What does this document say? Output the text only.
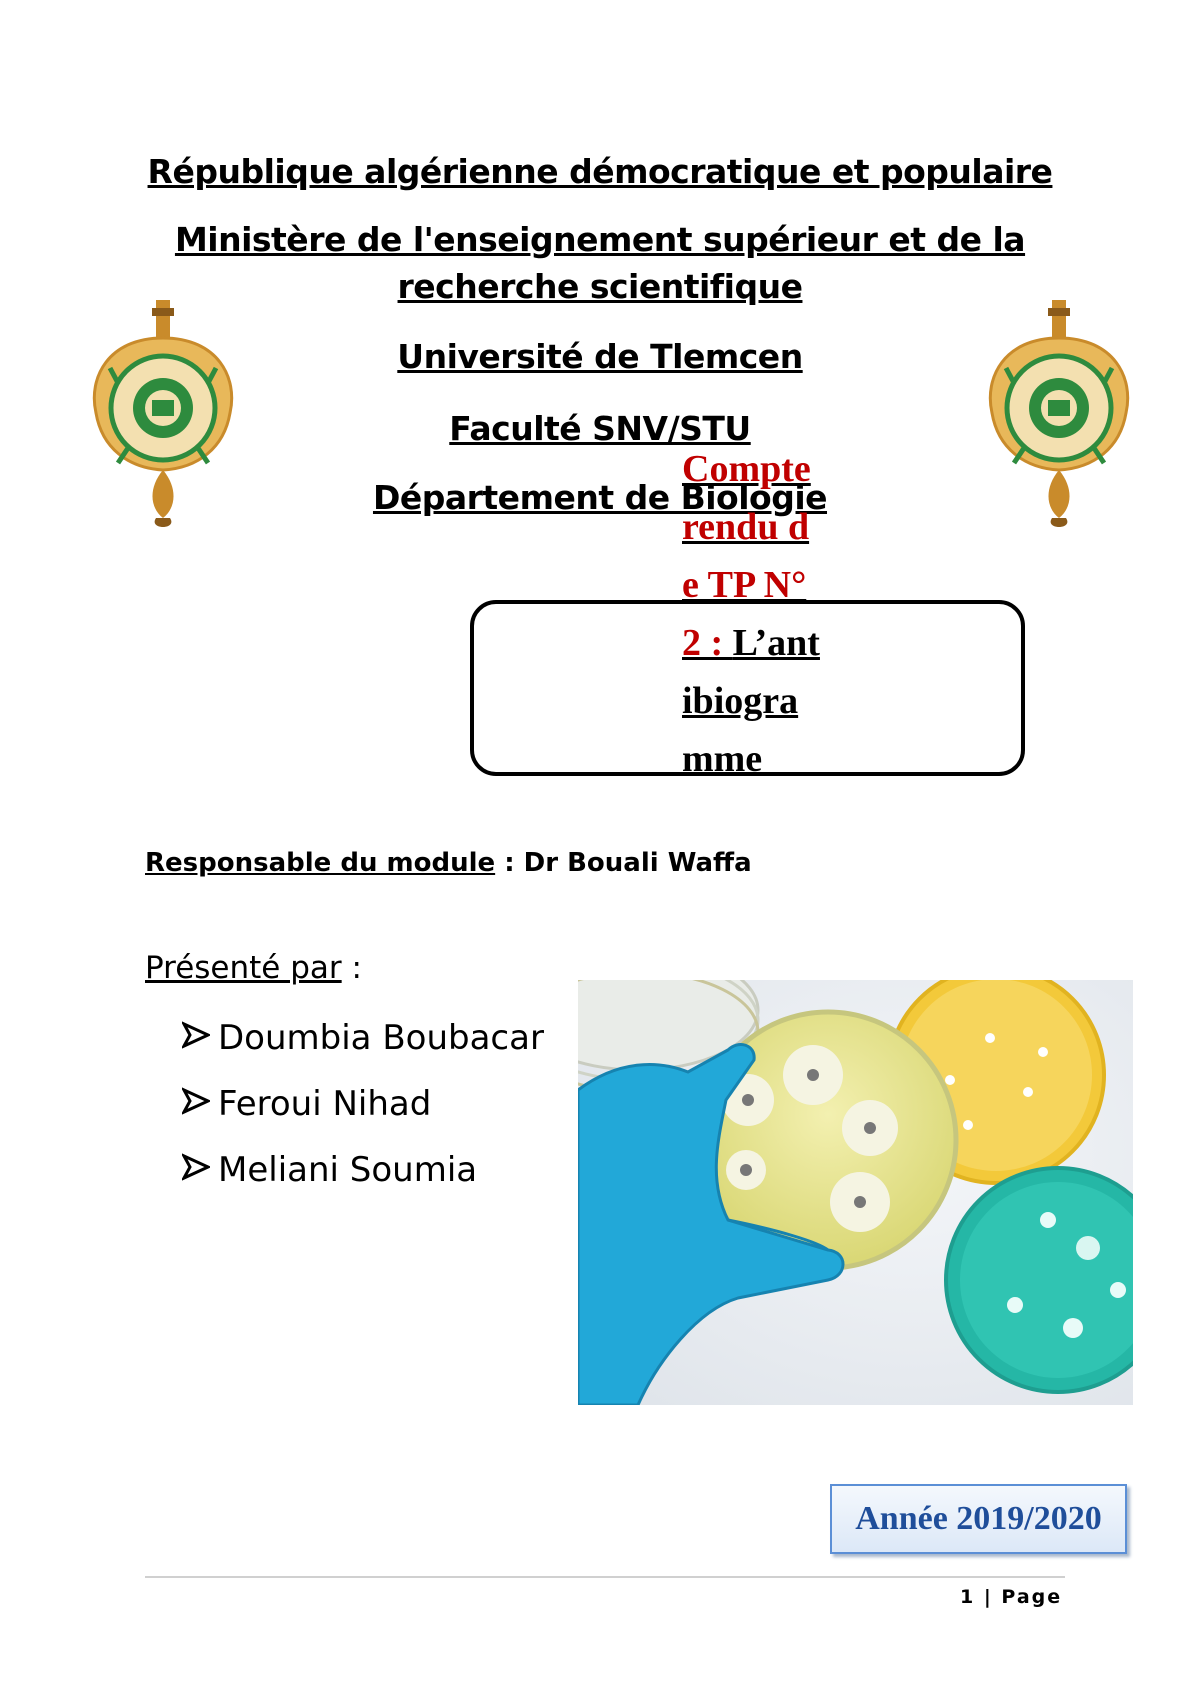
République algérienne démocratique et populaire
Ministère de l'enseignement supérieur et de la
recherche scientifique
Université de Tlemcen
Faculté SNV/STU
Département de Biologie
Compte rendu de TP N° 2 : L’antibiogramme
Responsable du module : Dr Bouali Waffa
Présenté par :
Doumbia Boubacar
Feroui Nihad
Meliani Soumia
Année 2019/2020
1 | Page
